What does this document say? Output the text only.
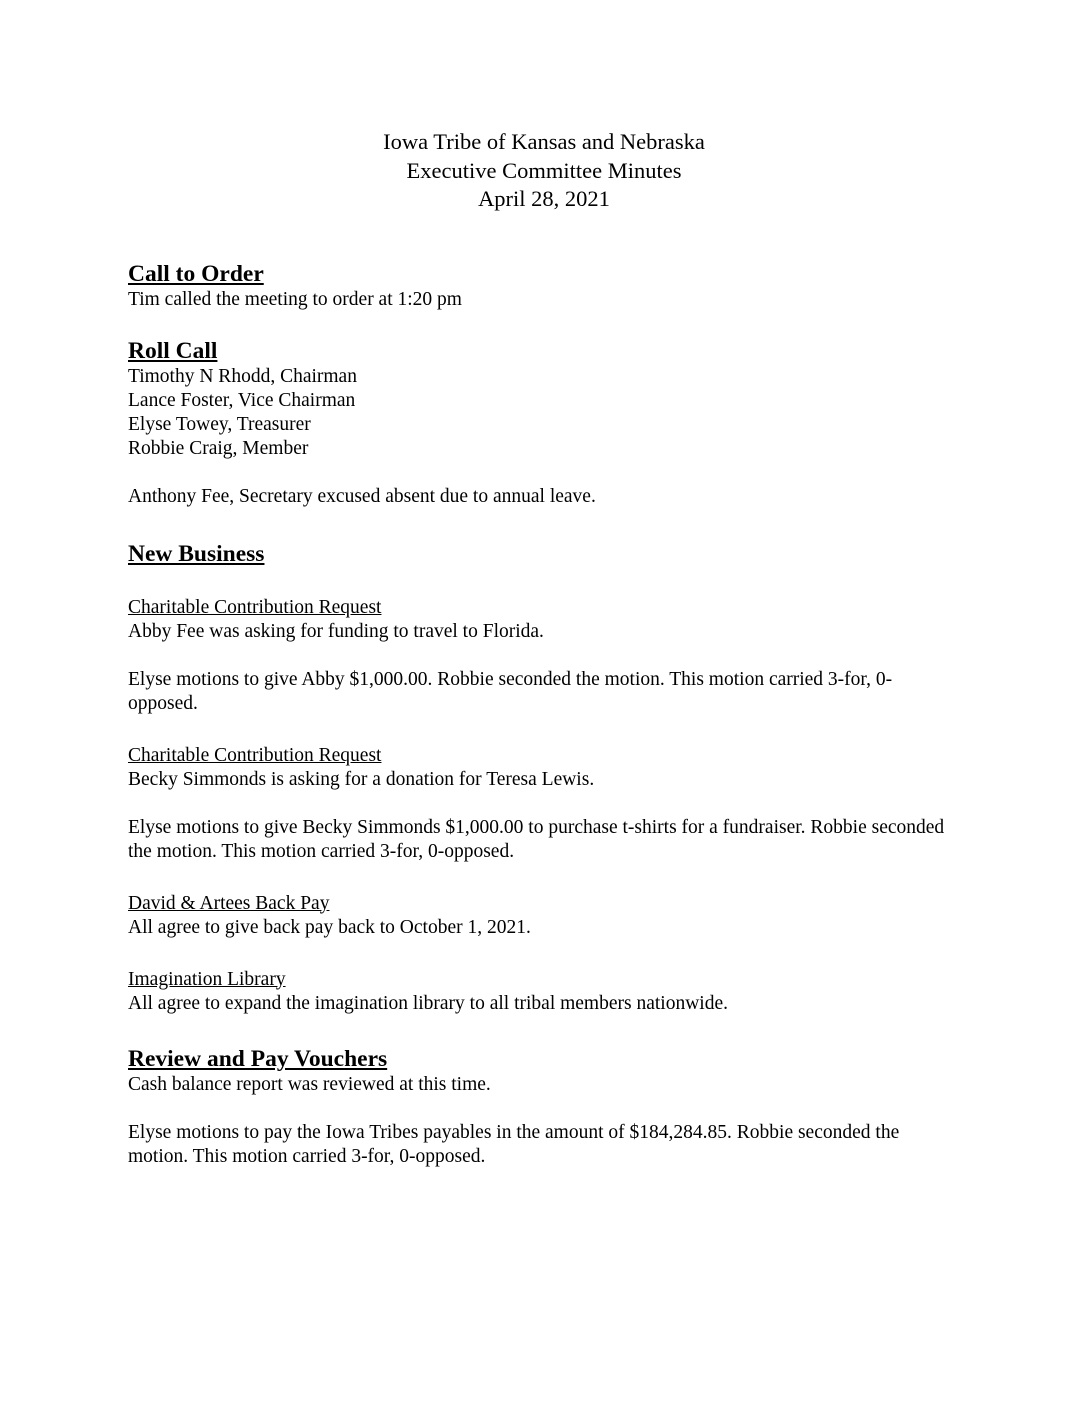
Iowa Tribe of Kansas and Nebraska
Executive Committee Minutes
April 28, 2021
Call to Order
Tim called the meeting to order at 1:20 pm
Roll Call
Timothy N Rhodd, Chairman
Lance Foster, Vice Chairman
Elyse Towey, Treasurer
Robbie Craig, Member
Anthony Fee, Secretary excused absent due to annual leave.
New Business
Charitable Contribution Request
Abby Fee was asking for funding to travel to Florida.
Elyse motions to give Abby $1,000.00. Robbie seconded the motion. This motion carried 3-for, 0-opposed.
Charitable Contribution Request
Becky Simmonds is asking for a donation for Teresa Lewis.
Elyse motions to give Becky Simmonds $1,000.00 to purchase t-shirts for a fundraiser. Robbie seconded the motion. This motion carried 3-for, 0-opposed.
David & Artees Back Pay
All agree to give back pay back to October 1, 2021.
Imagination Library
All agree to expand the imagination library to all tribal members nationwide.
Review and Pay Vouchers
Cash balance report was reviewed at this time.
Elyse motions to pay the Iowa Tribes payables in the amount of $184,284.85. Robbie seconded the motion. This motion carried 3-for, 0-opposed.
